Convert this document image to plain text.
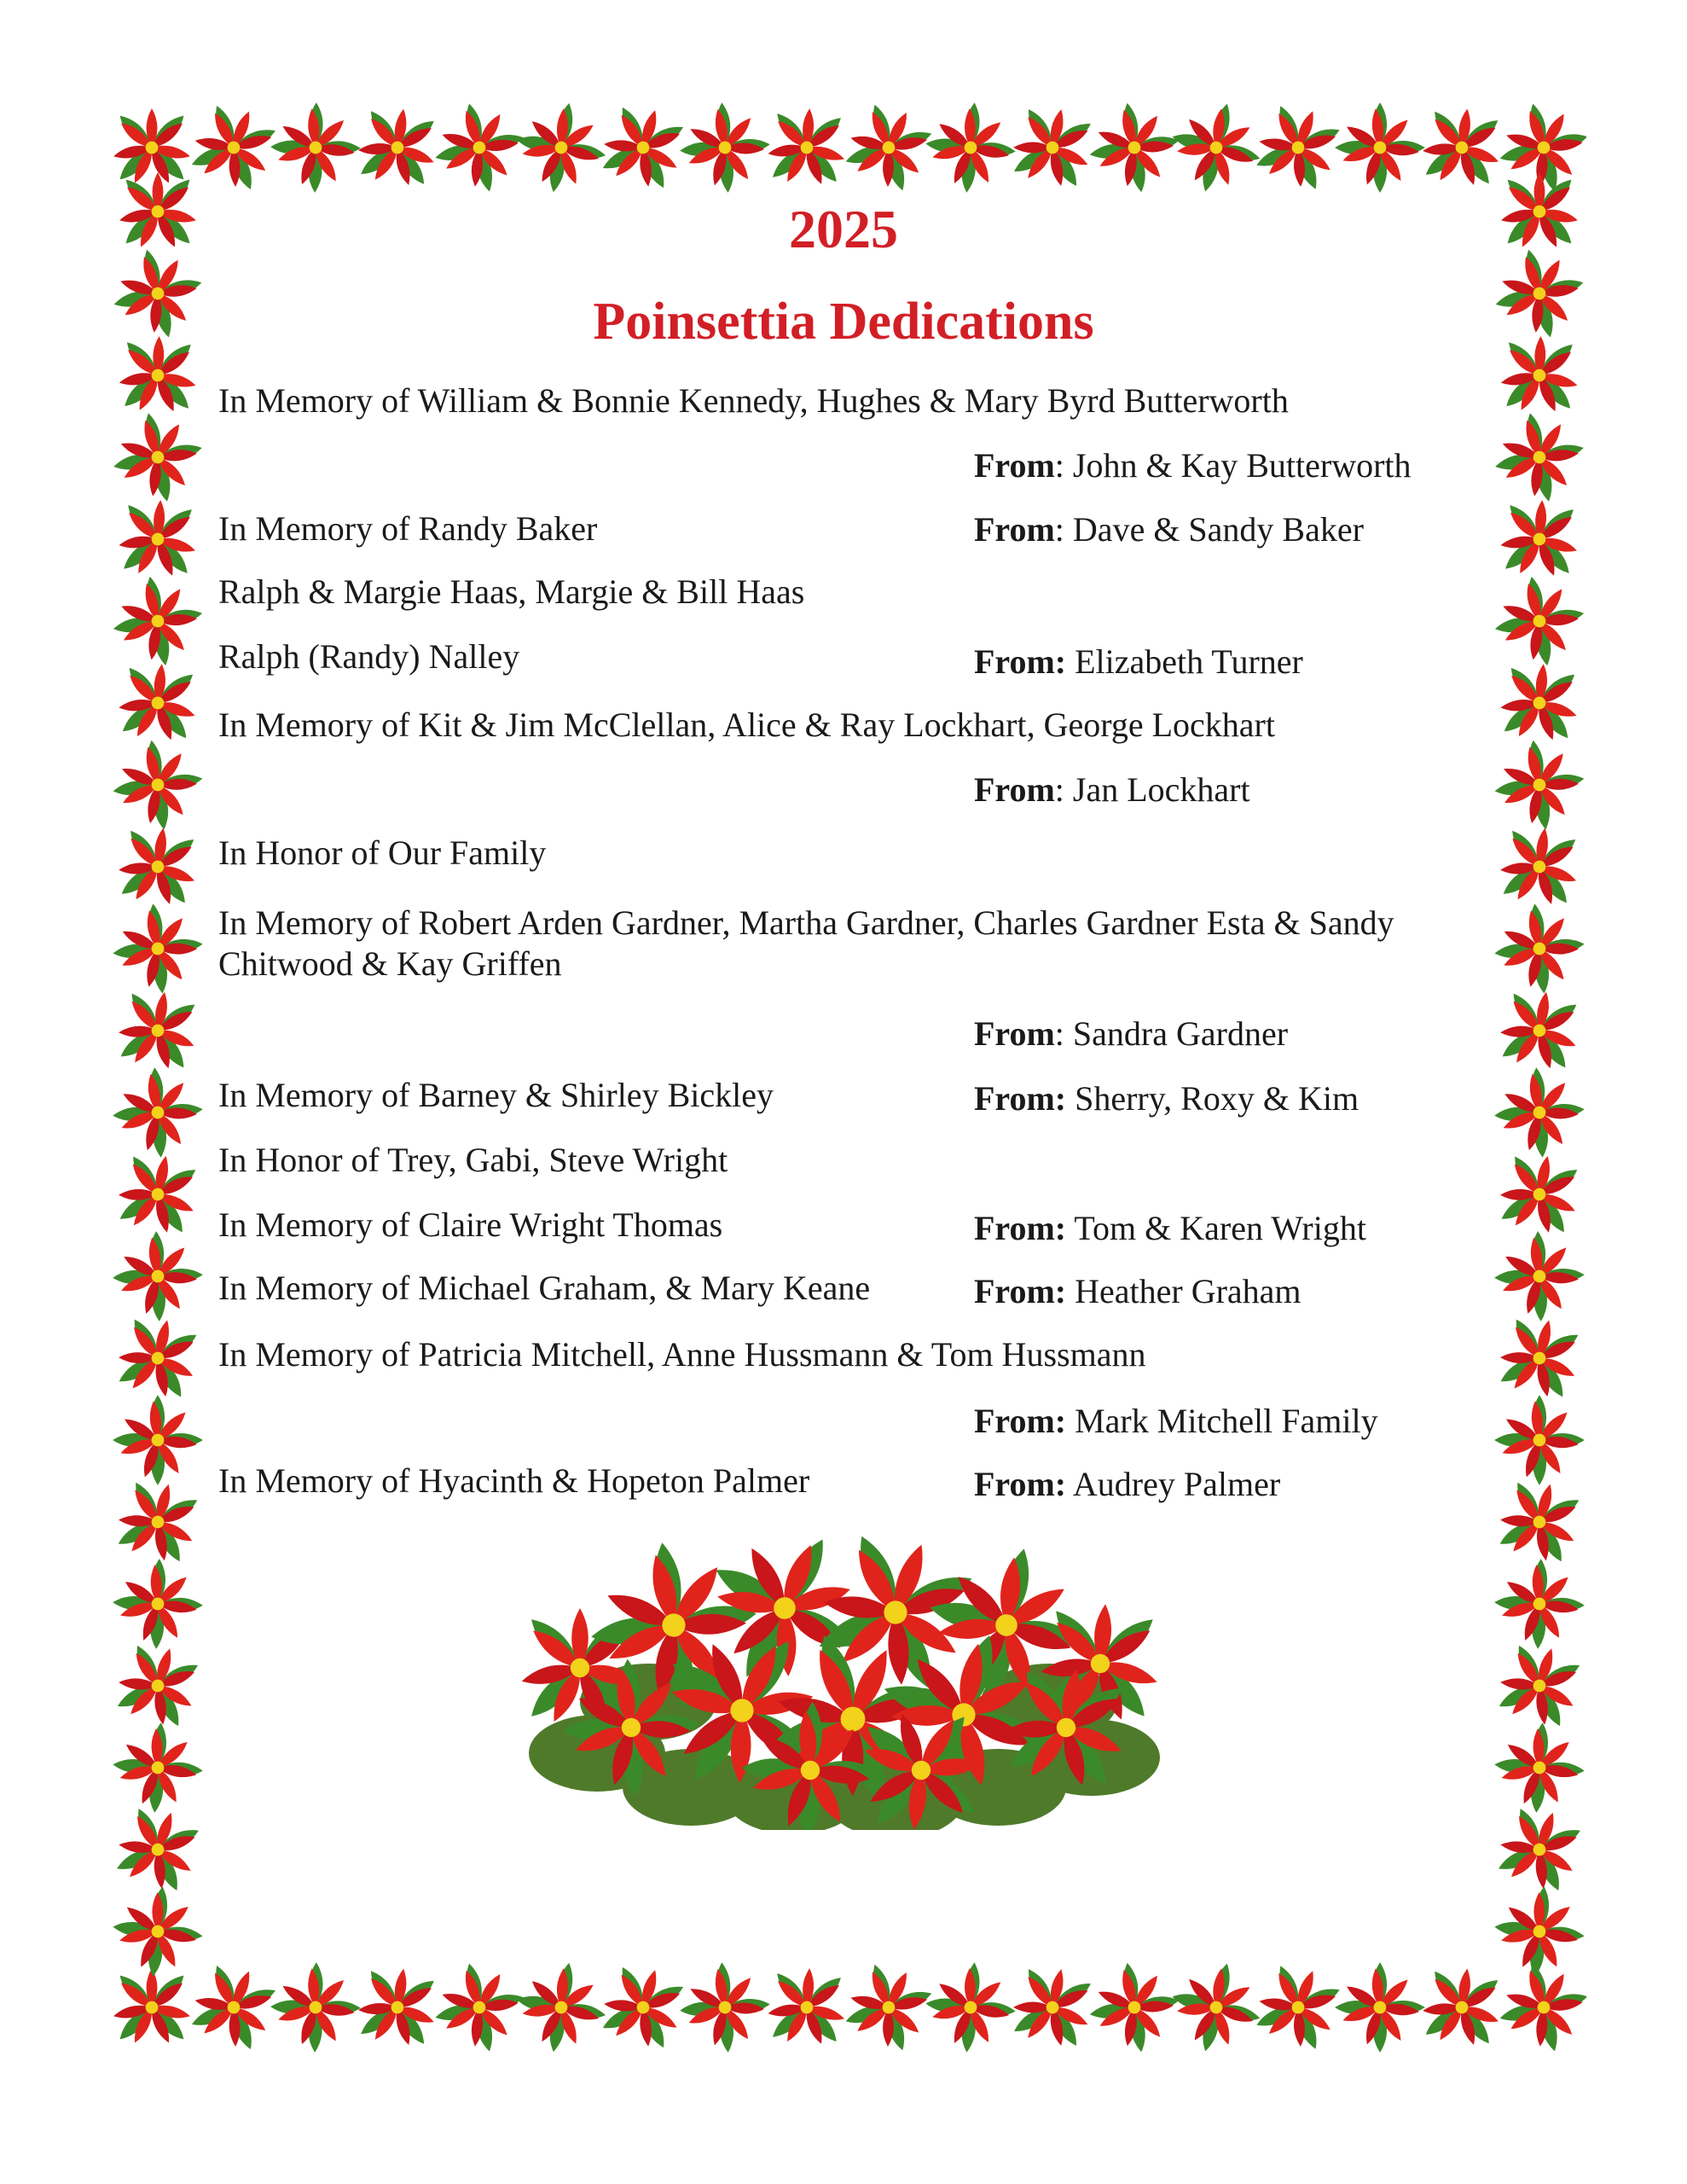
2025
Poinsettia Dedications
In Memory of William & Bonnie Kennedy, Hughes & Mary Byrd Butterworth
From: John & Kay Butterworth
In Memory of Randy Baker	From: Dave & Sandy Baker
Ralph & Margie Haas, Margie & Bill Haas
Ralph (Randy) Nalley	From: Elizabeth Turner
In Memory of Kit & Jim McClellan, Alice & Ray Lockhart, George Lockhart
From: Jan Lockhart
In Honor of Our Family
In Memory of Robert Arden Gardner, Martha Gardner, Charles Gardner Esta & Sandy
Chitwood & Kay Griffen
From: Sandra Gardner
In Memory of Barney & Shirley Bickley	From: Sherry, Roxy & Kim
In Honor of Trey, Gabi, Steve Wright
In Memory of Claire Wright Thomas	From: Tom & Karen Wright
In Memory of Michael Graham, & Mary Keane	From: Heather Graham
In Memory of Patricia Mitchell, Anne Hussmann & Tom Hussmann
From: Mark Mitchell Family
In Memory of Hyacinth & Hopeton Palmer	From: Audrey Palmer
